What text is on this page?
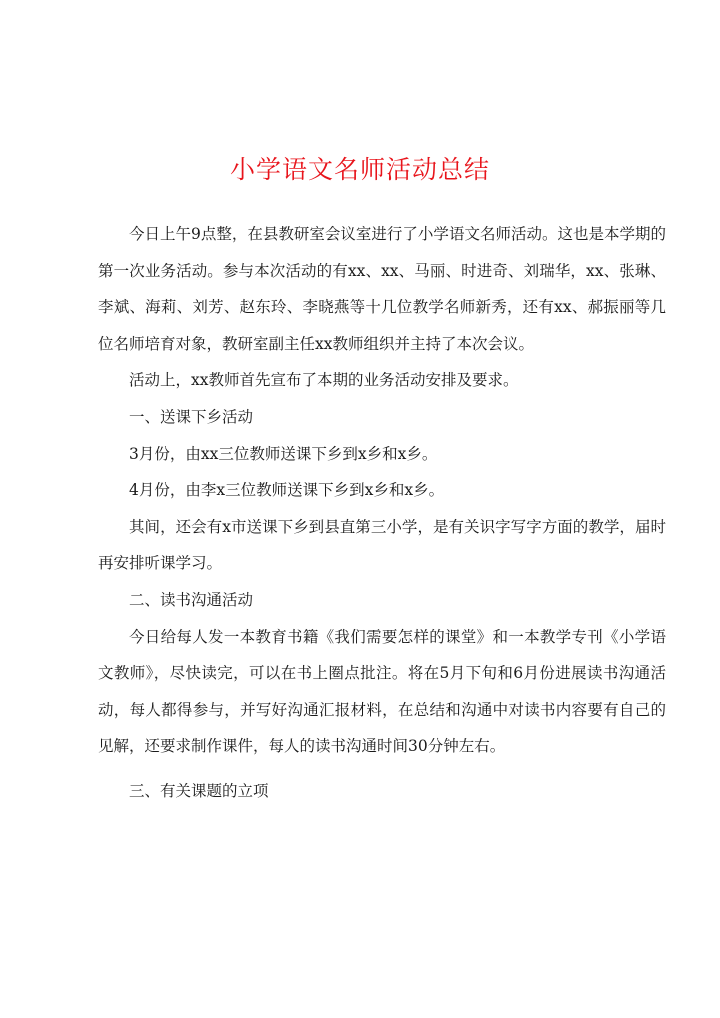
小学语文名师活动总结

今日上午9点整，在县教研室会议室进行了小学语文名师活动。这也是本学期的第一次业务活动。参与本次活动的有xx、xx、马丽、时进奇、刘瑞华，xx、张琳、李斌、海莉、刘芳、赵东玲、李晓燕等十几位教学名师新秀，还有xx、郝振丽等几位名师培育对象，教研室副主任xx教师组织并主持了本次会议。

活动上，xx教师首先宣布了本期的业务活动安排及要求。

一、送课下乡活动

3月份，由xx三位教师送课下乡到x乡和x乡。

4月份，由李x三位教师送课下乡到x乡和x乡。

其间，还会有x市送课下乡到县直第三小学，是有关识字写字方面的教学，届时再安排听课学习。

二、读书沟通活动

今日给每人发一本教育书籍《我们需要怎样的课堂》和一本教学专刊《小学语文教师》，尽快读完，可以在书上圈点批注。将在5月下旬和6月份进展读书沟通活动，每人都得参与，并写好沟通汇报材料，在总结和沟通中对读书内容要有自己的见解，还要求制作课件，每人的读书沟通时间30分钟左右。

三、有关课题的立项
